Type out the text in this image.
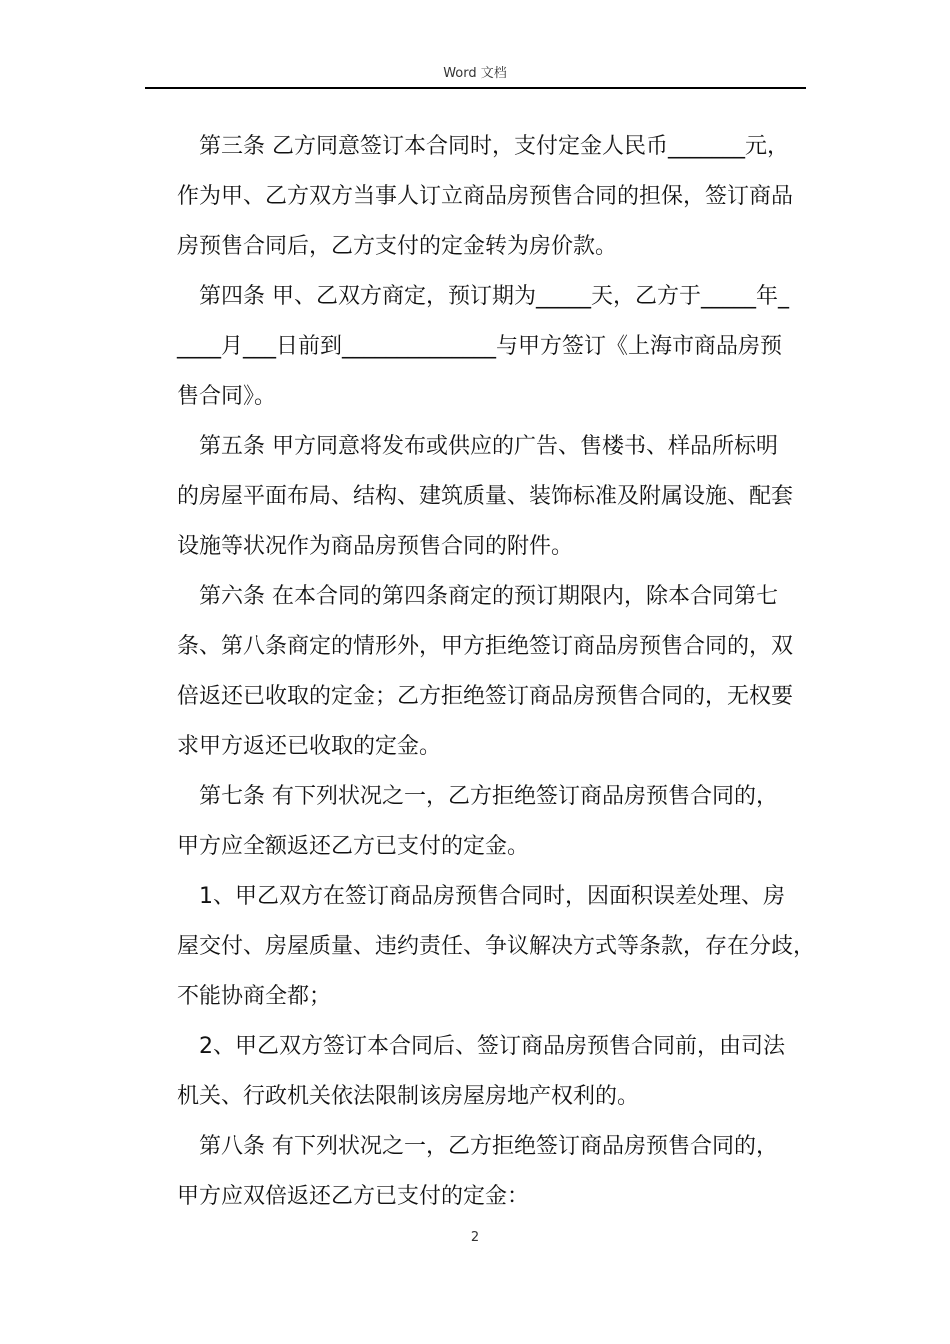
Word 文档
第三条 乙方同意签订本合同时，支付定金人民币_______元，
作为甲、乙方双方当事人订立商品房预售合同的担保，签订商品
房预售合同后，乙方支付的定金转为房价款。
第四条 甲、乙双方商定，预订期为_____天，乙方于_____年_
____月___日前到______________与甲方签订《上海市商品房预
售合同》。
第五条 甲方同意将发布或供应的广告、售楼书、样品所标明
的房屋平面布局、结构、建筑质量、装饰标准及附属设施、配套
设施等状况作为商品房预售合同的附件。
第六条 在本合同的第四条商定的预订期限内，除本合同第七
条、第八条商定的情形外，甲方拒绝签订商品房预售合同的，双
倍返还已收取的定金；乙方拒绝签订商品房预售合同的，无权要
求甲方返还已收取的定金。
第七条 有下列状况之一，乙方拒绝签订商品房预售合同的，
甲方应全额返还乙方已支付的定金。
1、甲乙双方在签订商品房预售合同时，因面积误差处理、房
屋交付、房屋质量、违约责任、争议解决方式等条款，存在分歧，
不能协商全都；
2、甲乙双方签订本合同后、签订商品房预售合同前，由司法
机关、行政机关依法限制该房屋房地产权利的。
第八条 有下列状况之一，乙方拒绝签订商品房预售合同的，
甲方应双倍返还乙方已支付的定金：
2
